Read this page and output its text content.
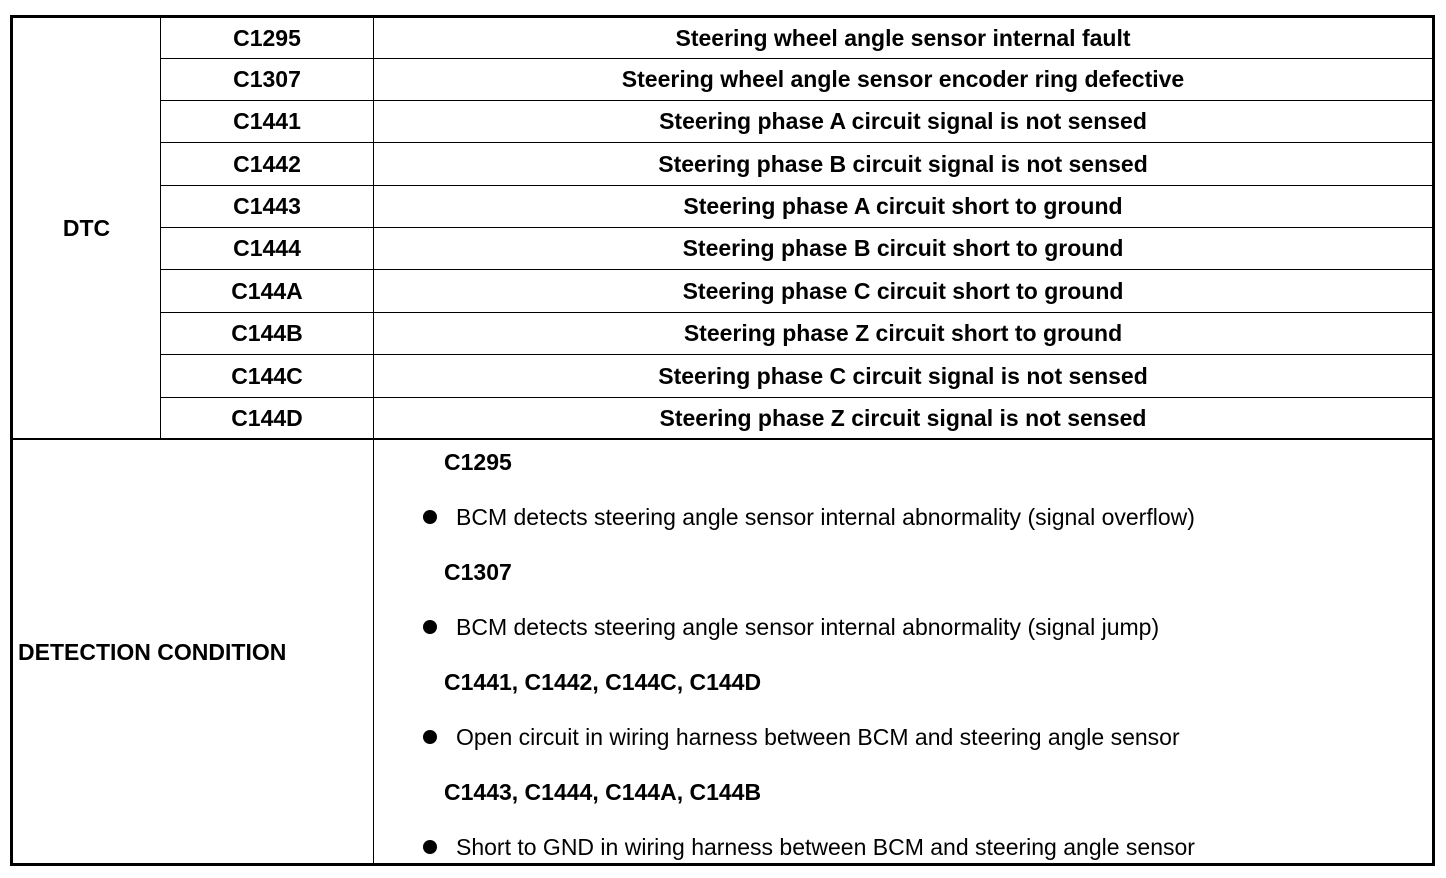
DTC
C1295	Steering wheel angle sensor internal fault
C1307	Steering wheel angle sensor encoder ring defective
C1441	Steering phase A circuit signal is not sensed
C1442	Steering phase B circuit signal is not sensed
C1443	Steering phase A circuit short to ground
C1444	Steering phase B circuit short to ground
C144A	Steering phase C circuit short to ground
C144B	Steering phase Z circuit short to ground
C144C	Steering phase C circuit signal is not sensed
C144D	Steering phase Z circuit signal is not sensed
DETECTION CONDITION
C1295
BCM detects steering angle sensor internal abnormality (signal overflow)
C1307
BCM detects steering angle sensor internal abnormality (signal jump)
C1441, C1442, C144C, C144D
Open circuit in wiring harness between BCM and steering angle sensor
C1443, C1444, C144A, C144B
Short to GND in wiring harness between BCM and steering angle sensor
